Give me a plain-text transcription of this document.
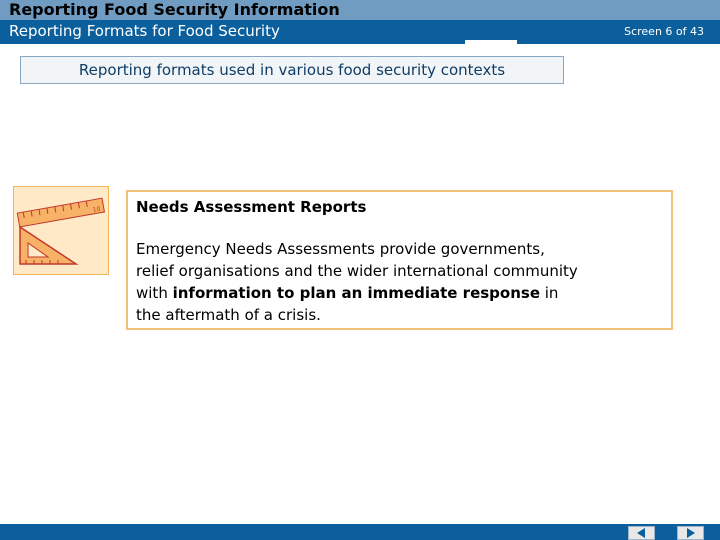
Reporting Food Security Information
Reporting Formats for Food Security	Screen 6 of 43
Reporting formats used in various food security contexts
10 Needs Assessment Reports
Emergency Needs Assessments provide governments,
relief organisations and the wider international community
with information to plan an immediate response in
the aftermath of a crisis.
